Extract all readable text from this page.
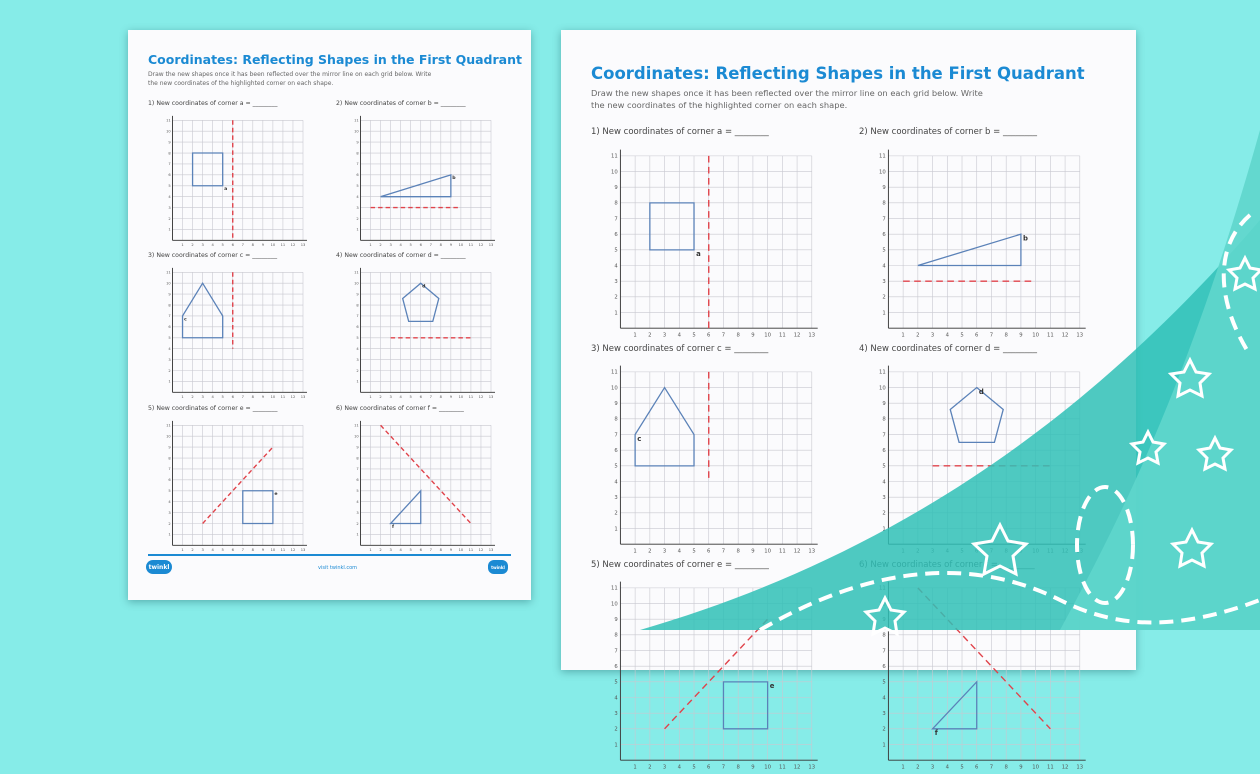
Coordinates: Reflecting Shapes in the First Quadrant
Draw the new shapes once it has been reflected over the mirror line on each grid below. Write
the new coordinates of the highlighted corner on each shape.
1) New coordinates of corner a = ________	2) New coordinates of corner b = ________
3) New coordinates of corner c = ________	4) New coordinates of corner d = ________
5) New coordinates of corner e = ________	6) New coordinates of corner f = ________
1
1
2
2
3
3
4
4
5
5
6
6
7
7
8
8
9
9
10
10
11
11
12 13
a
1
1
2
2
3
3
4
4
5
5
6
6
7
7
8
8
9
9
10
10
11
11
12 13
b
1
1
2
2
3
3
4
4
5
5
6
6
7
7
8
8
9
9
10
10
11
11
12 13
c
1
1
2
2
3
3
4
4
5
5
6
6
7
7
8
8
9
9
10
10
11
11
12 13
d
1
1
2
2
3
3
4
4
5
5
6
6
7
7
8
8
9
9
10
10
11
11
12 13
e
1
1
2
2
3
3
4
4
5
5
6
6
7
7
8
8
9
9
10
10
11
11
12 13
f
twinkl	visit twinkl.com	twinkl
Coordinates: Reflecting Shapes in the First Quadrant
Draw the new shapes once it has been reflected over the mirror line on each grid below. Write
the new coordinates of the highlighted corner on each shape.
1) New coordinates of corner a = ________	2) New coordinates of corner b = ________
3) New coordinates of corner c = ________	4) New coordinates of corner d = ________
5) New coordinates of corner e = ________
1
1
2
2
3
3
4
4
5
5
6
6
7
7
8
8
9
9
10
10
11
11
12 13
a
1
1
2
2
3
3
4
4
5
5
6
6
7
7
8
8
9
9
10
10
11
11
12 13
b
1
1
2
2
3
3
4
4
5
5
6
6
7
7
8
8
9
9
10
10
11
11
12 13
c
1
2
3
4
5
6
7
8
9
10
11
d
1
1
2
2
3
3
4
4
5
5
6
6
7
7
8
8
9
9
10
10
11
11
12 13
e
1
1
2
2
3
3
4
4
5
5
6
6
7
7
8
8
9 10 11 12 13
f
